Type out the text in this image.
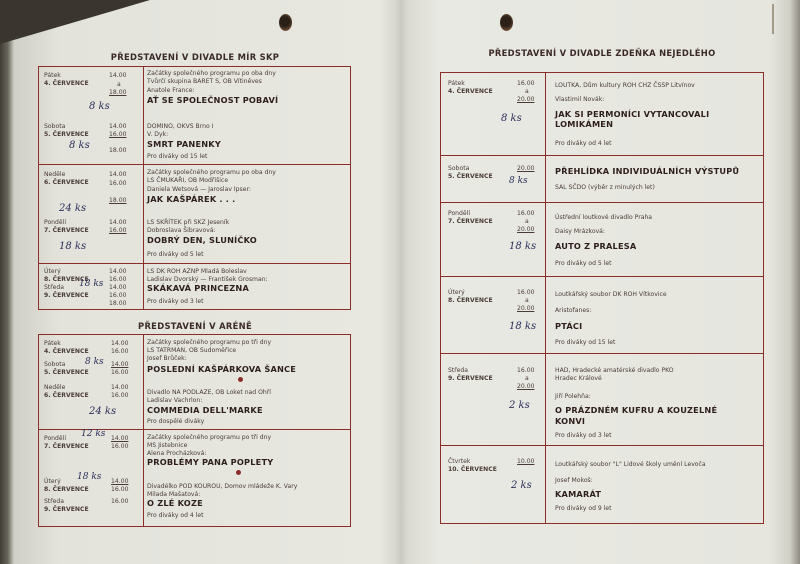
PŘEDSTAVENÍ V DIVADLE MÍR SKP
Pátek
4. ČERVENCE
14.00
a
18.00
8 ks
Začátky společného programu po oba dny
Tvůrčí skupina BARET S, OB Vítiněves
Anatole France:
AŤ SE SPOLEČNOST POBAVÍ
Sobota
5. ČERVENCE
14.00
16.00
18.00
8 ks
DOMINO, OKVS Brno I
V. Dyk:
SMRT PANENKY
Pro diváky od 15 let
Neděle
6. ČERVENCE
14.00
16.00
18.00
24 ks
Začátky společného programu po oba dny
LS ČMUKAŘI, OB Modřišice
Daniela Wetsová — Jaroslav Ipser:
JAK KAŠPÁREK . . .
Pondělí
7. ČERVENCE
14.00
16.00
18 ks
LS SKŘÍTEK při SKZ Jeseník
Dobroslava Šibravová:
DOBRÝ DEN, SLUNÍČKO
Pro diváky od 5 let
Úterý
8. ČERVENCE
Středa
9. ČERVENCE
14.00
16.00
14.00
16.00
18.00
18 ks
LS DK ROH AZNP Mladá Boleslav
Ladislav Dvorský — František Grosman:
SKÁKAVÁ PRINCEZNA
Pro diváky od 3 let
PŘEDSTAVENÍ V ARÉNĚ
Pátek
4. ČERVENCE
Sobota
5. ČERVENCE
14.00
16.00
14.00
16.00
8 ks
Začátky společného programu po tři dny
LS TATRMAN, OB Sudoměřice
Josef Brůček:
POSLEDNÍ KAŠPÁRKOVA ŠANCE
Neděle
6. ČERVENCE
14.00
16.00
24 ks
Divadlo NA PODLAZE, OB Loket nad Ohří
Ladislav Vachrlon:
COMMEDIA DELL'MARKE
Pro dospělé diváky
Pondělí
7. ČERVENCE
14.00
16.00
12 ks	Začátky společného programu po tři dny
MS Jistebnice
Alena Procházková:
PROBLÉMY PANA POPLETY
Úterý
8. ČERVENCE
Středa
9. ČERVENCE
14.00
16.00
16.00
18 ks
Divadélko POD KOUROU, Domov mládeže K. Vary
Milada Mašatová:
O ZLÉ KOZE
Pro diváky od 4 let
PŘEDSTAVENÍ V DIVADLE ZDEŇKA NEJEDLÉHO
Pátek
4. ČERVENCE
16.00
a
20.00
8 ks
LOUTKA, Dům kultury ROH CHZ ČSSP Litvínov
Vlastimil Novák:
JAK SI PERMONÍCI VYTANCOVALI
LOMIKÁMEN
Pro diváky od 4 let
Sobota
5. ČERVENCE
20.00
8 ks
PŘEHLÍDKA INDIVIDUÁLNÍCH VÝSTUPŮ
SAL SČDO (výběr z minulých let)
Pondělí
7. ČERVENCE
16.00
a
20.00
18 ks
Ústřední loutkové divadlo Praha
Daisy Mrázková:
AUTO Z PRALESA
Pro diváky od 5 let
Úterý
8. ČERVENCE
16.00
a
20.00
18 ks
Loutkářský soubor DK ROH Vítkovice
Aristofanes:
PTÁCI
Pro diváky od 15 let
Středa
9. ČERVENCE
16.00
a
20.00
2 ks
HAD, Hradecké amatérské divadlo PKO
Hradec Králové
Jiří Polehňa:
O PRÁZDNÉM KUFRU A KOUZELNÉ
KONVI
Pro diváky od 3 let
Čtvrtek
10. ČERVENCE
10.00
2 ks
Loutkářský soubor "L" Lidové školy umění Levoča
Josef Mokoš:
KAMARÁT
Pro diváky od 9 let
